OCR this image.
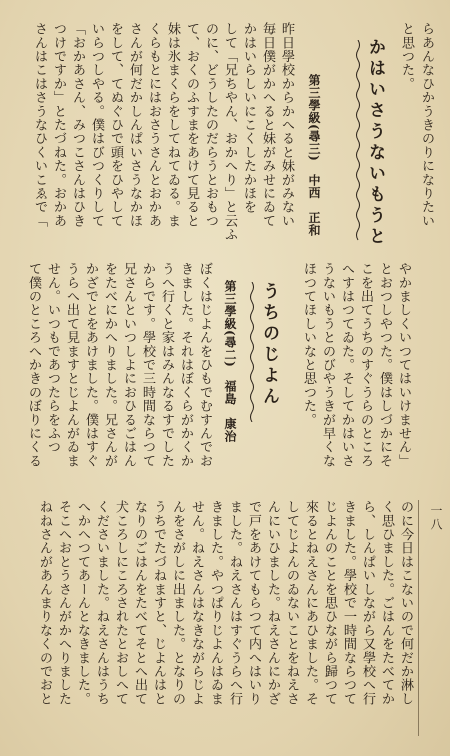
らあんなひかうきのりになりたい
と思つた。
かはいさうないもうと
第三學級(尋三)　中西　正和
昨日學校からかへると妹がみない
毎日僕がかへると妹がみせにゐて
かはいらしいにこくしたかほを
して「兄ちやん、おかへり」と云ふ
のに、どうしたのだらうとおもつ
て、おくのふすまをあけて見ると
妹は氷まくらをしてねてゐる。ま
くらもとにはおさうさんとおかあ
さんが何だかしんぱいさうなかほ
をして、てぬぐひで頭をひやして
いらつしやる。僕はびつくりして
「おかあさん、みつこさんはひき
つけですか」とたづねた。おかあ
さんはこはさうなひくいこゑで「
やかましくいつてはいけません」
とおつしやつた。僕はしづかにそ
こを出てうちのすぐうらのところ
へすはつてゐた。そしてかはいさ
うないもうとのびやうきが早くな
ほつてほしいなと思つた。
うちのじよん
第三學級(尋二)　福島　康治
ぼくはじよんをひもでむすんでお
きました。それはぼくらがかくか
うへ行くと家はみんなるすでした
からです。學校で三時間ならつて
兄さんといつしよにおひるごはん
をたべにかへりました。兄さんが
かざでとをあけました。僕はすぐ
うらへ出て見ますとじよんがゐま
せん。いつもであつたらをふつ
て僕のところへかきのぼりにくる
一八
のに今日はこないので何だか淋し
く思ひました。ごはんをたべてか
ら、しんぱいしながら又學校へ行
きました。學校で一時間ならつて
じよんのことを思ひながら歸つて
來るとねえさんにあひました。そ
してじよんのゐないことをねえさ
んにいひました。ねえさんにかざ
で戸をあけてもらつて内へはいり
ました。ねえさんはすぐうらへ行
きました。やつぱりじよんはゐま
せん。ねえさんはなきながらじよ
んをさがしに出ました。となりの
うちでたづねますと、じよんはと
なりのごはんをたべてそとへ出て
犬ころしにころされたとおしへて
くださいました。ねえさんはうち
へかへつてあーんとなきました。
そこへおとうさんがかへりました
ねねさんがあんまりなくのでおと
